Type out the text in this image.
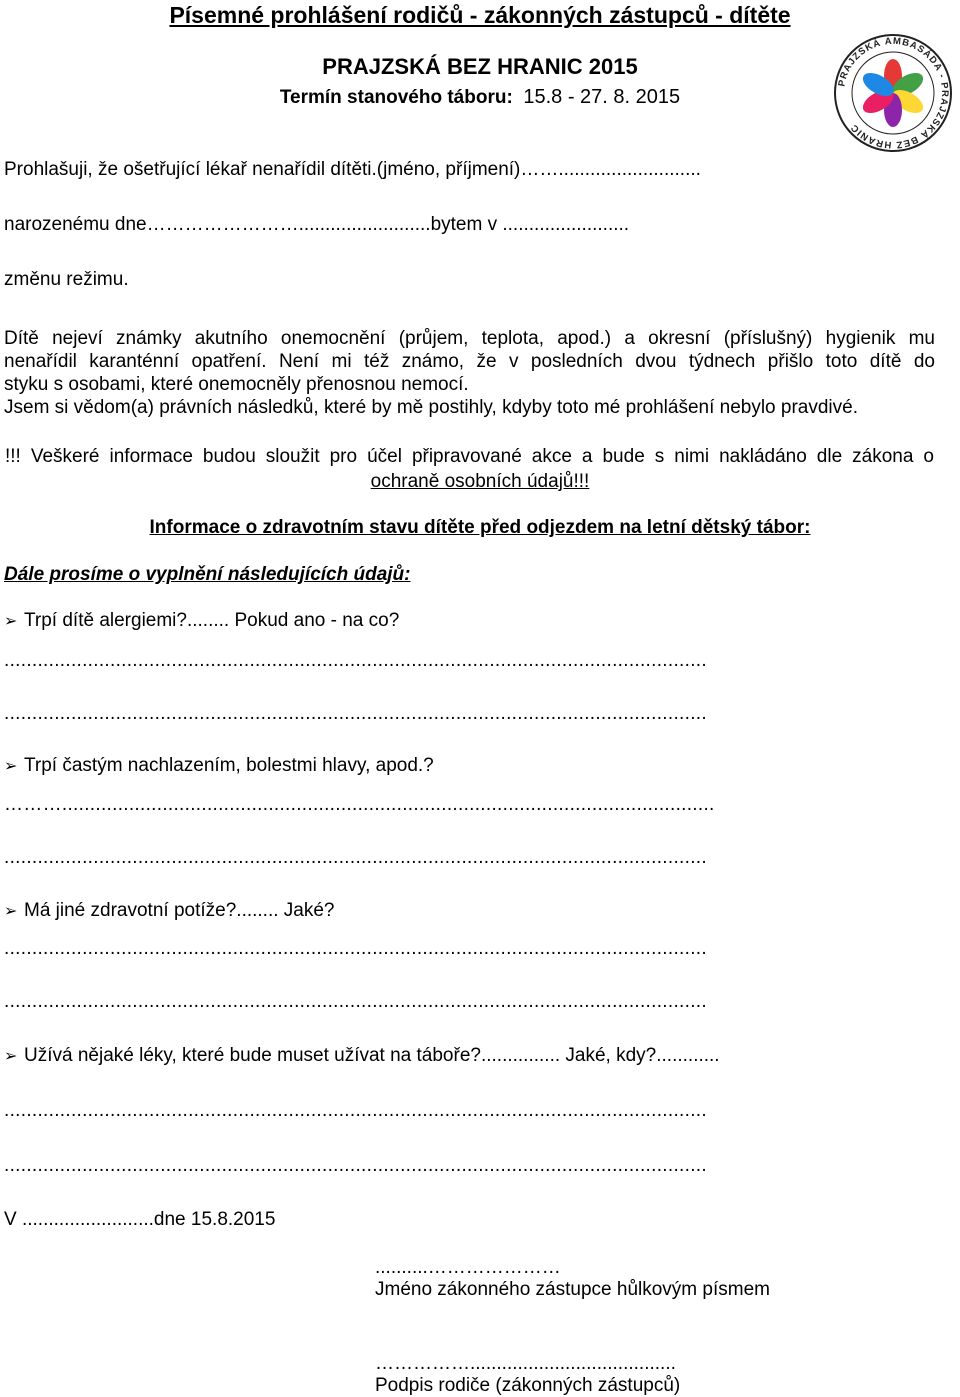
Písemné prohlášení rodičů - zákonných zástupců - dítěte
PRAJZSKÁ BEZ HRANIC 2015
Termín stanového táboru: 15.8 - 27. 8. 2015
PRAJZSKÁ AMBASÁDA - PRAJZSKÁ BEZ HRANIC
Prohlašuji, že ošetřující lékař nenařídil dítěti.(jméno, příjmení)……...........................
narozenému dne…………………….........................bytem v ........................
změnu režimu.
Dítě nejeví známky akutního onemocnění (průjem, teplota, apod.) a okresní (příslušný) hygienik mu
nenařídil karanténní opatření. Není mi též známo, že v posledních dvou týdnech přišlo toto dítě do
styku s osobami, které onemocněly přenosnou nemocí.
Jsem si vědom(a) právních následků, které by mě postihly, kdyby toto mé prohlášení nebylo pravdivé.
!!! Veškeré informace budou sloužit pro účel připravované akce a bude s nimi nakládáno dle zákona o
ochraně osobních údajů!!!
Informace o zdravotním stavu dítěte před odjezdem na letní dětský tábor:
Dále prosíme o vyplnění následujících údajů:
➢ Trpí dítě alergiemi?........ Pokud ano - na co?
..............................................................................................................................
..............................................................................................................................
➢ Trpí častým nachlazením, bolestmi hlavy, apod.?
……….....................................................................................................................
..............................................................................................................................
➢ Má jiné zdravotní potíže?........ Jaké?
..............................................................................................................................
..............................................................................................................................
➢ Užívá nějaké léky, které bude muset užívat na táboře?............... Jaké, kdy?............
..............................................................................................................................
..............................................................................................................................
V .........................dne 15.8.2015
..........…………………
Jméno zákonného zástupce hůlkovým písmem
…………….......................................
Podpis rodiče (zákonných zástupců)
